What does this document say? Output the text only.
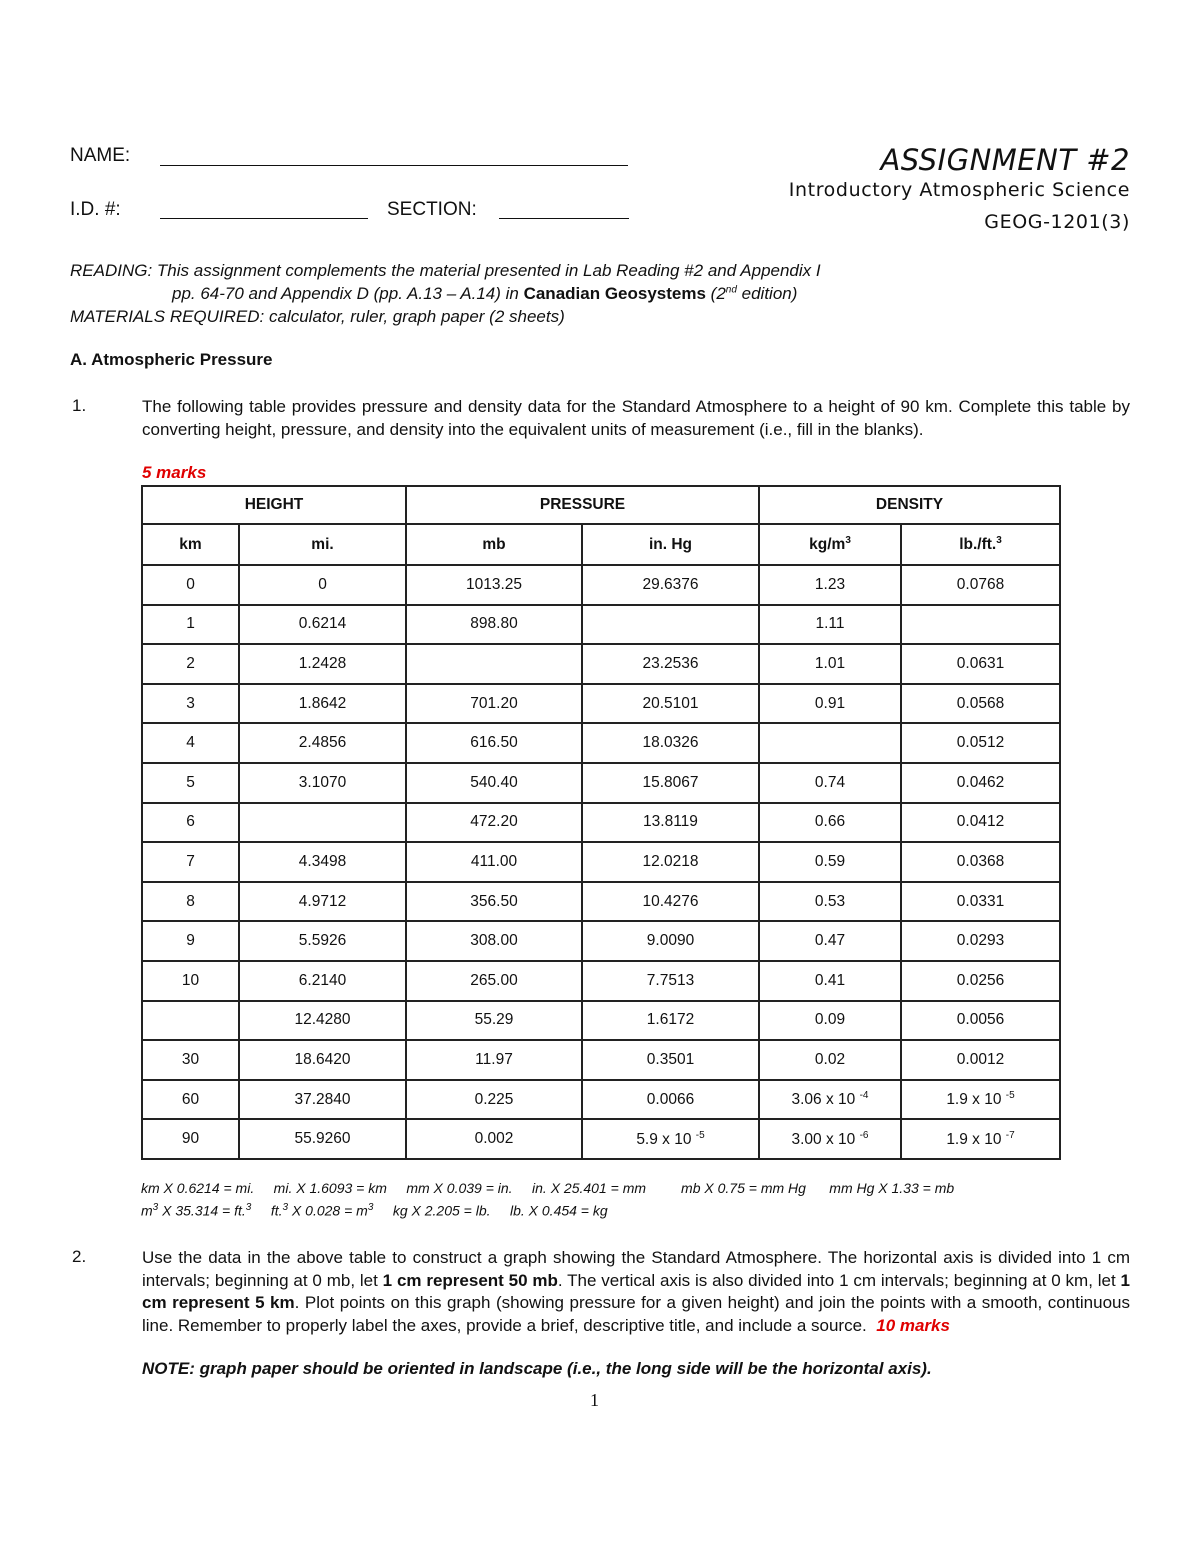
NAME:
I.D. #:	SECTION:
ASSIGNMENT #2
Introductory Atmospheric Science
GEOG-1201(3)
READING: This assignment complements the material presented in Lab Reading #2 and Appendix I
pp. 64-70 and Appendix D (pp. A.13 – A.14) in Canadian Geosystems (2nd edition)
MATERIALS REQUIRED: calculator, ruler, graph paper (2 sheets)
A. Atmospheric Pressure
1.	The following table provides pressure and density data for the Standard Atmosphere to a height of 90 km. Complete this table by converting height, pressure, and density into the equivalent units of measurement (i.e., fill in the blanks).
5 marks
HEIGHT		PRESSURE		DENSITY	
km	mi.	mb	in. Hg	$kg/m^3$	lb./ft.$^3$
0	0	1013.25	29.6376	1.23	0.0768
1	0.6214	898.80		1.11	
2	1.2428		23.2536	1.01	0.0631
3	1.8642	701.20	20.5101	0.91	0.0568
4	2.4856	616.50	18.0326		0.0512
5	3.1070	540.40	15.8067	0.74	0.0462
6		472.20	13.8119	0.66	0.0412
7	4.3498	411.00	12.0218	0.59	0.0368
8	4.9712	356.50	10.4276	0.53	0.0331
9	5.5926	308.00	9.0090	0.47	0.0293
10	6.2140	265.00	7.7513	0.41	0.0256
	12.4280	55.29	1.6172	0.09	0.0056
30	18.6420	11.97	0.3501	0.02	0.0012
60	37.2840	0.225	0.0066	3.06 x 10 $^{-4}$	1.9 x 10 $^{-5}$
90	55.9260	0.002	5.9 x 10 $^{-5}$	3.00 x 10 $^{-6}$	1.9 x 10 $^{-7}$
km X 0.6214 = mi. mi. X 1.6093 = km mm X 0.039 = in. in. X 25.401 = mm	mb X 0.75 = mm Hg mm Hg X 1.33 = mb
$m^3$ X 35.314 = ft.$^3$ ft.$^3$ X $0.028 = m^3$ kg X 2.205 = lb. lb. X 0.454 = kg
2.	Use the data in the above table to construct a graph showing the Standard Atmosphere. The horizontal axis is divided into 1 cm intervals; beginning at 0 mb, let 1 cm represent 50 mb. The vertical axis is also divided into 1 cm intervals; beginning at 0 km, let 1 cm represent 5 km. Plot points on this graph (showing pressure for a given height) and join the points with a smooth, continuous line. Remember to properly label the axes, provide a brief, descriptive title, and include a source. 10 marks
NOTE: graph paper should be oriented in landscape (i.e., the long side will be the horizontal axis).
1
